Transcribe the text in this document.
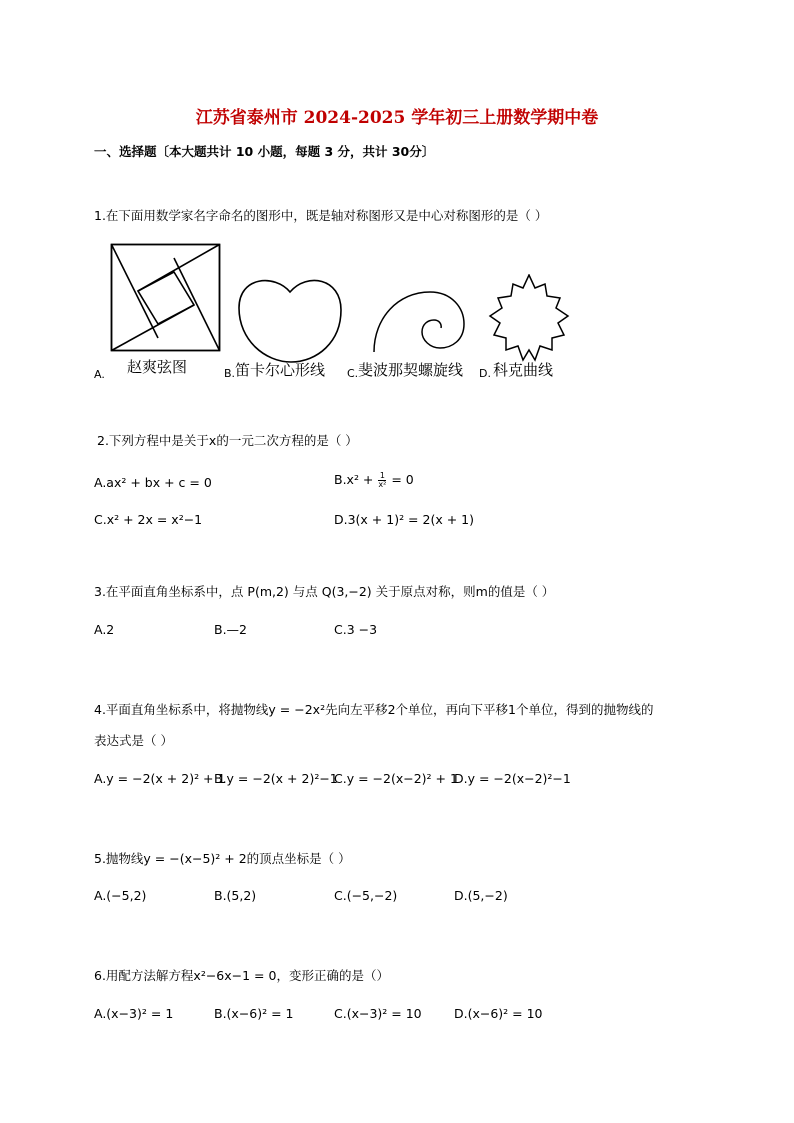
江苏省泰州市 2024-2025 学年初三上册数学期中卷
一、选择题〔本大题共计 10 小题，每题 3 分，共计 30分〕
1.在下面用数学家名字命名的图形中，既是轴对称图形又是中心对称图形的是（ ）
A. 赵爽弦图	B. 笛卡尔心形线 C. 斐波那契螺旋线 D. 科克曲线
2.下列方程中是关于x的一元二次方程的是（ ）
A.ax² + bx + c = 0	$B.x^2 + \frac{1}{\text{x²}} = 0$
C.x² + 2x = x²−1	D.3(x + 1)² = 2(x + 1)
3.在平面直角坐标系中，点 P(m,2) 与点 Q(3,−2) 关于原点对称，则m的值是（ ）
A.2	B.—2	C.3 −3
4.平面直角坐标系中，将抛物线y = −2x²先向左平移2个单位，再向下平移1个单位，得到的抛物线的
表达式是（ ）
A.y = −2(x + 2)² + 1
B.y = −2(x + 2)²−1
C.y = −2(x−2)² + 1
D.y = −2(x−2)²−1
5.抛物线y = −(x−5)² + 2的顶点坐标是（ ）
A.(−5,2)	B.(5,2)	C.(−5,−2)	D.(5,−2)
6.用配方法解方程x²−6x−1 = 0，变形正确的是（）
A.(x−3)² = 1	B.(x−6)² = 1	C.(x−3)² = 10	D.(x−6)² = 10
